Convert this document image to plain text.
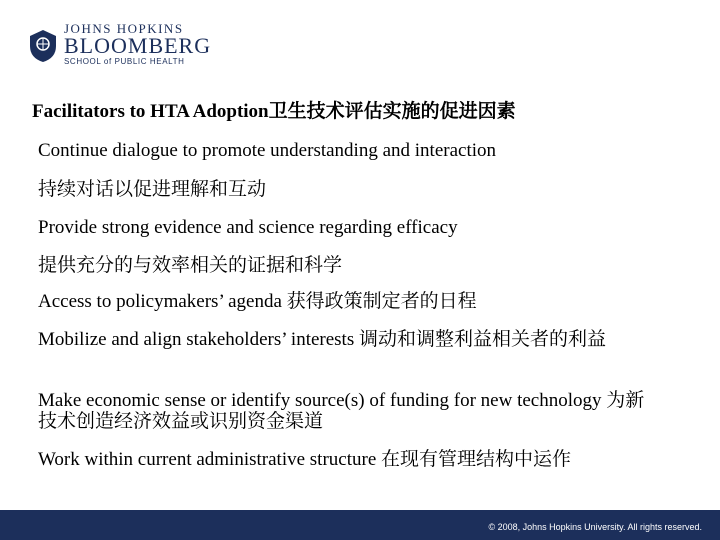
JOHNS HOPKINS
BLOOMBERG
SCHOOL of PUBLIC HEALTH
Facilitators to HTA Adoption卫生技术评估实施的促进因素

Continue dialogue to promote understanding and interaction

持续对话以促进理解和互动

Provide strong evidence and science regarding efficacy

提供充分的与效率相关的证据和科学

Access to policymakers’ agenda 获得政策制定者的日程

Mobilize and align stakeholders’ interests 调动和调整利益相关者的利益

Make economic sense or identify source(s) of funding for new technology 为新技术创造经济效益或识别资金渠道

Work within current administrative structure 在现有管理结构中运作

© 2008, Johns Hopkins University. All rights reserved.
